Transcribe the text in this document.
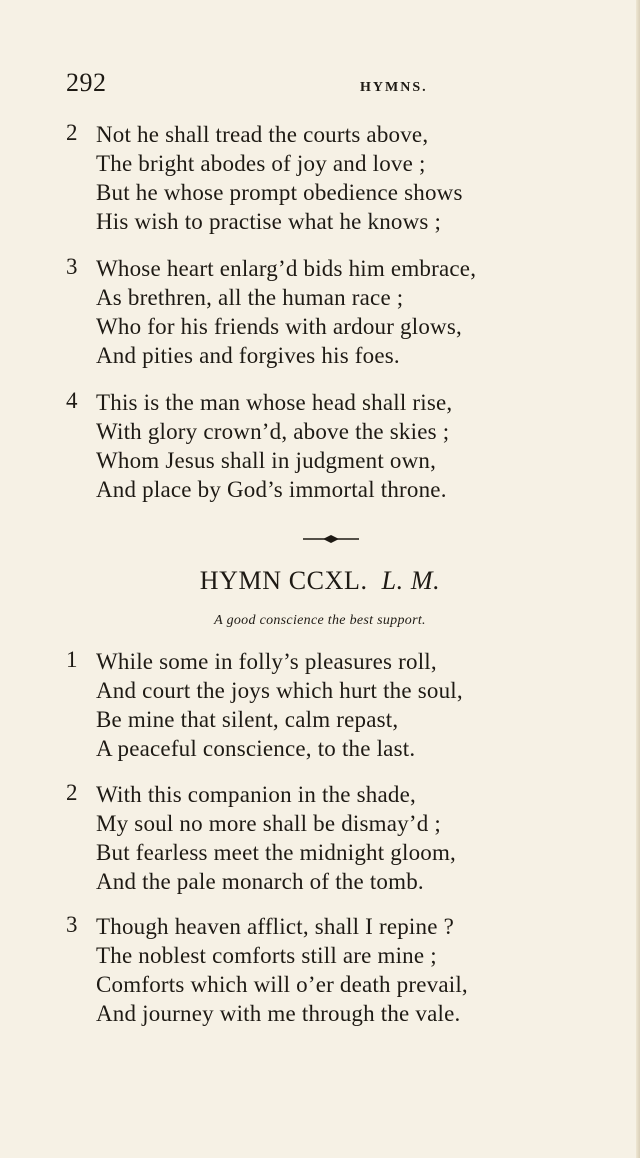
292	HYMNS.
2 Not he shall tread the courts above,
The bright abodes of joy and love ;
But he whose prompt obedience shows
His wish to practise what he knows ;
3 Whose heart enlarg’d bids him embrace,
As brethren, all the human race ;
Who for his friends with ardour glows,
And pities and forgives his foes.
4 This is the man whose head shall rise,
With glory crown’d, above the skies ;
Whom Jesus shall in judgment own,
And place by God’s immortal throne.
HYMN CCXL. L. M.
A good conscience the best support.
1 While some in folly’s pleasures roll,
And court the joys which hurt the soul,
Be mine that silent, calm repast,
A peaceful conscience, to the last.
2 With this companion in the shade,
My soul no more shall be dismay’d ;
But fearless meet the midnight gloom,
And the pale monarch of the tomb.
3 Though heaven afflict, shall I repine ?
The noblest comforts still are mine ;
Comforts which will o’er death prevail,
And journey with me through the vale.
